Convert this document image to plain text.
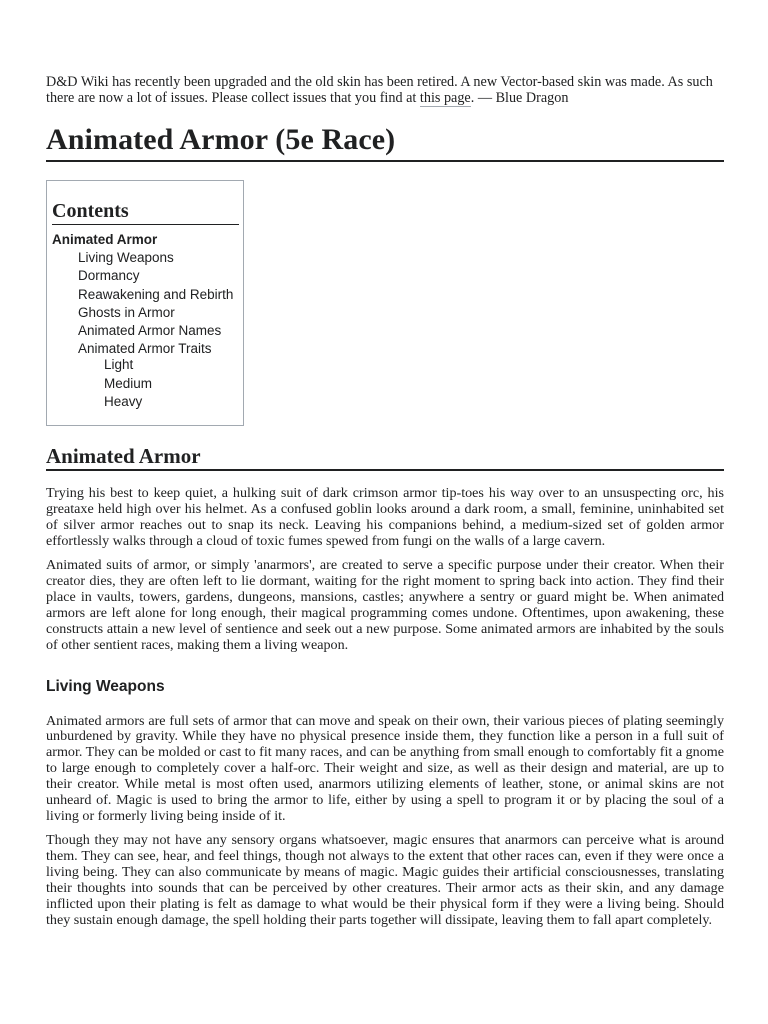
D&D Wiki has recently been upgraded and the old skin has been retired. A new Vector-based skin was made. As such there are now a lot of issues. Please collect issues that you find at this page. — Blue Dragon

Animated Armor (5e Race)
Contents
Animated Armor
Living Weapons
Dormancy
Reawakening and Rebirth
Ghosts in Armor
Animated Armor Names
Animated Armor Traits
Light
Medium
Heavy
Animated Armor

Trying his best to keep quiet, a hulking suit of dark crimson armor tip-toes his way over to an unsuspecting orc, his greataxe held high over his helmet. As a confused goblin looks around a dark room, a small, feminine, uninhabited set of silver armor reaches out to snap its neck. Leaving his companions behind, a medium-sized set of golden armor effortlessly walks through a cloud of toxic fumes spewed from fungi on the walls of a large cavern.

Animated suits of armor, or simply 'anarmors', are created to serve a specific purpose under their creator. When their creator dies, they are often left to lie dormant, waiting for the right moment to spring back into action. They find their place in vaults, towers, gardens, dungeons, mansions, castles; anywhere a sentry or guard might be. When animated armors are left alone for long enough, their magical programming comes undone. Oftentimes, upon awakening, these constructs attain a new level of sentience and seek out a new purpose. Some animated armors are inhabited by the souls of other sentient races, making them a living weapon.

Living Weapons

Animated armors are full sets of armor that can move and speak on their own, their various pieces of plating seemingly unburdened by gravity. While they have no physical presence inside them, they function like a person in a full suit of armor. They can be molded or cast to fit many races, and can be anything from small enough to comfortably fit a gnome to large enough to completely cover a half-orc. Their weight and size, as well as their design and material, are up to their creator. While metal is most often used, anarmors utilizing elements of leather, stone, or animal skins are not unheard of. Magic is used to bring the armor to life, either by using a spell to program it or by placing the soul of a living or formerly living being inside of it.

Though they may not have any sensory organs whatsoever, magic ensures that anarmors can perceive what is around them. They can see, hear, and feel things, though not always to the extent that other races can, even if they were once a living being. They can also communicate by means of magic. Magic guides their artificial consciousnesses, translating their thoughts into sounds that can be perceived by other creatures. Their armor acts as their skin, and any damage inflicted upon their plating is felt as damage to what would be their physical form if they were a living being. Should they sustain enough damage, the spell holding their parts together will dissipate, leaving them to fall apart completely.
